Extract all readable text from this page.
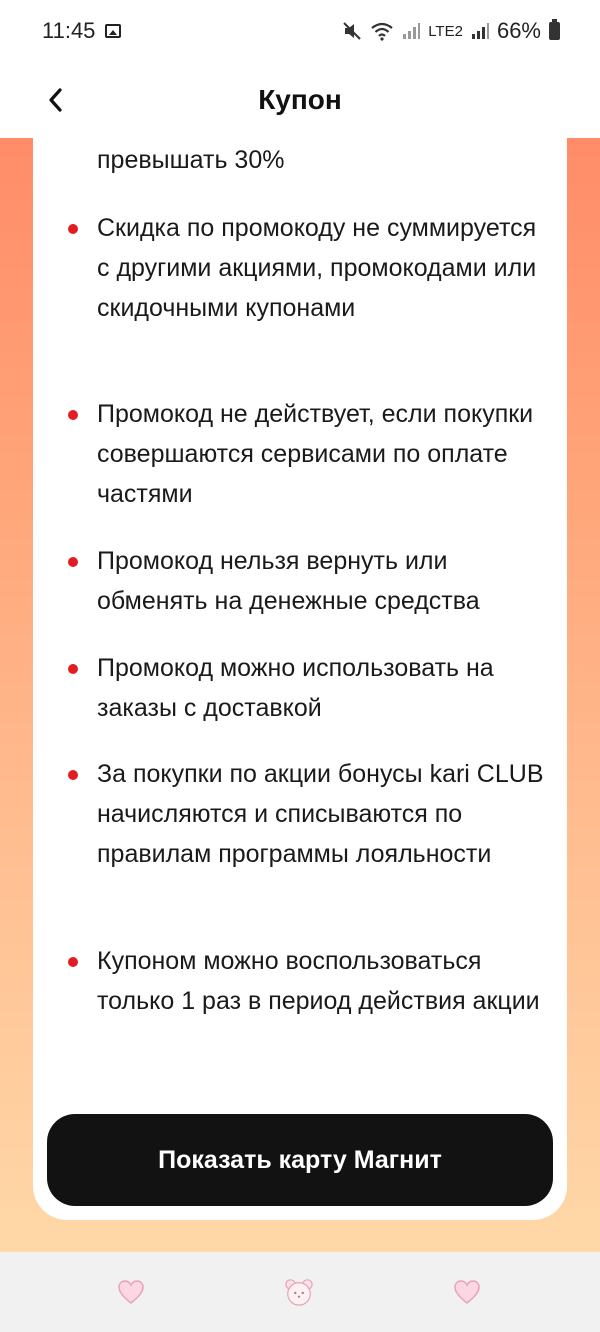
11:45	LTE2 66%
Купон
превышать 30%
Скидка по промокоду не суммируется с другими акциями, промокодами или скидочными купонами
Промокод не действует, если покупки совершаются сервисами по оплате частями
Промокод нельзя вернуть или обменять на денежные средства
Промокод можно использовать на заказы с доставкой
За покупки по акции бонусы kari CLUB начисляются и списываются по правилам программы лояльности
Купоном можно воспользоваться только 1 раз в период действия акции
Показать карту Магнит
